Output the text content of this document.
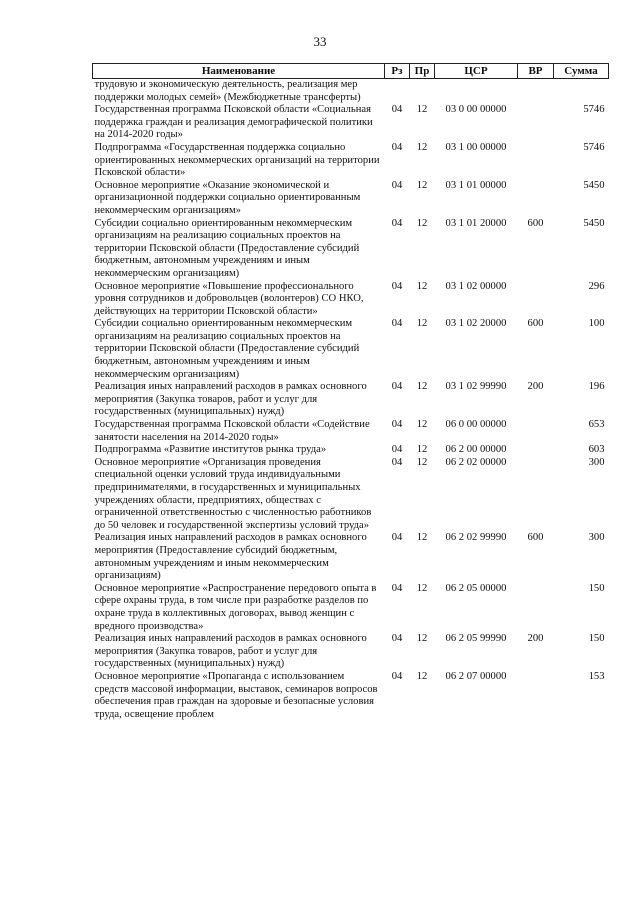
33
Наименование	Рз	Пр	ЦСР	ВР	Сумма
трудовую и экономическую деятельность, реализация мер поддержки молодых семей» (Межбюджетные трансферты)					
Государственная программа Псковской области «Социальная поддержка граждан и реализация демографической политики на 2014-2020 годы»	04	12	03 0 00 00000		5746
Подпрограмма «Государственная поддержка социально ориентированных некоммерческих организаций на территории Псковской области»	04	12	03 1 00 00000		5746
Основное мероприятие «Оказание экономической и организационной поддержки социально ориентированным некоммерческим организациям»	04	12	03 1 01 00000		5450
Субсидии социально ориентированным некоммерческим организациям на реализацию социальных проектов на территории Псковской области (Предоставление субсидий бюджетным, автономным учреждениям и иным некоммерческим организациям)	04	12	03 1 01 20000	600	5450
Основное мероприятие «Повышение профессионального уровня сотрудников и добровольцев (волонтеров) СО НКО, действующих на территории Псковской области»	04	12	03 1 02 00000		296
Субсидии социально ориентированным некоммерческим организациям на реализацию социальных проектов на территории Псковской области (Предоставление субсидий бюджетным, автономным учреждениям и иным некоммерческим организациям)	04	12	03 1 02 20000	600	100
Реализация иных направлений расходов в рамках основного мероприятия (Закупка товаров, работ и услуг для государственных (муниципальных) нужд)	04	12	03 1 02 99990	200	196
Государственная программа Псковской области «Содействие занятости населения на 2014-2020 годы»	04	12	06 0 00 00000		653
Подпрограмма «Развитие институтов рынка труда»	04	12	06 2 00 00000		603
Основное мероприятие «Организация проведения специальной оценки условий труда индивидуальными предпринимателями, в государственных и муниципальных учреждениях области, предприятиях, обществах с ограниченной ответственностью с численностью работников до 50 человек и государственной экспертизы условий труда»	04	12	06 2 02 00000		300
Реализация иных направлений расходов в рамках основного мероприятия (Предоставление субсидий бюджетным, автономным учреждениям и иным некоммерческим организациям)	04	12	06 2 02 99990	600	300
Основное мероприятие «Распространение передового опыта в сфере охраны труда, в том числе при разработке разделов по охране труда в коллективных договорах, вывод женщин с вредного производства»	04	12	06 2 05 00000		150
Реализация иных направлений расходов в рамках основного мероприятия (Закупка товаров, работ и услуг для государственных (муниципальных) нужд)	04	12	06 2 05 99990	200	150
Основное мероприятие «Пропаганда с использованием средств массовой информации, выставок, семинаров вопросов обеспечения прав граждан на здоровые и безопасные условия труда, освещение проблем	04	12	06 2 07 00000		153
